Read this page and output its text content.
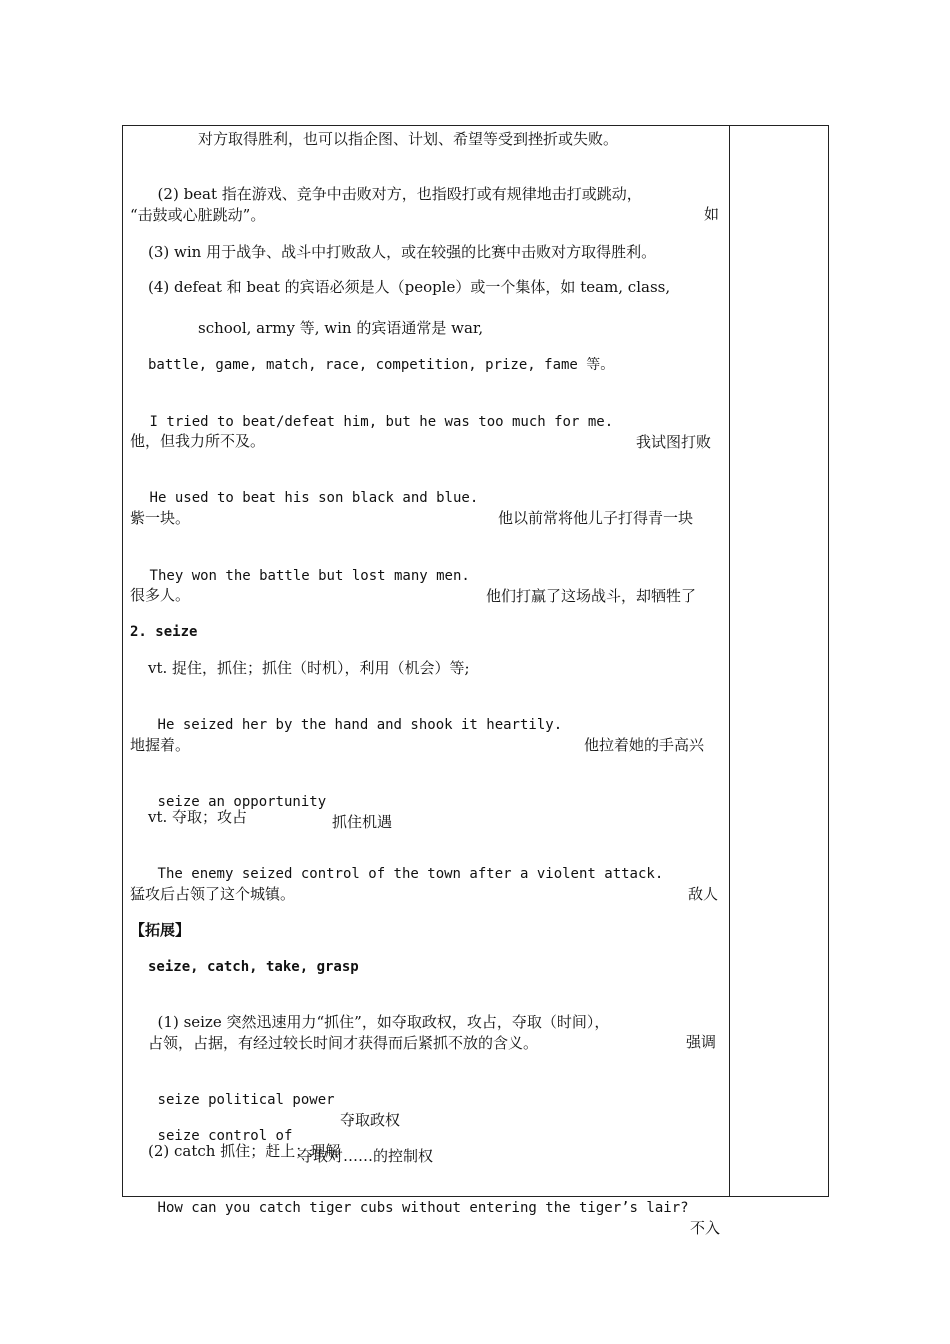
对方取得胜利，也可以指企图、计划、希望等受到挫折或失败。

(2) beat 指在游戏、竞争中击败对方，也指殴打或有规律地击打或跳动，

如

“击鼓或心脏跳动”。
(3) win 用于战争、战斗中打败敌人，或在较强的比赛中击败对方取得胜利。
(4) defeat 和 beat 的宾语必须是人（people）或一个集体，如 team, class,
school, army 等, win 的宾语通常是 war,
battle, game, match, race, competition, prize, fame 等。

I tried to beat/defeat him, but he was too much for me.

我试图打败

他，但我力所不及。

He used to beat his son black and blue.

他以前常将他儿子打得青一块

紫一块。

They won the battle but lost many men.

他们打赢了这场战斗，却牺牲了

很多人。
2. seize
vt. 捉住，抓住；抓住（时机），利用（机会）等;

He seized her by the hand and shook it heartily.

他拉着她的手高兴

地握着。

seize an opportunity

抓住机遇

vt. 夺取；攻占

The enemy seized control of the town after a violent attack.

敌人

猛攻后占领了这个城镇。
【拓展】
seize, catch, take, grasp

(1) seize 突然迅速用力“抓住”，如夺取政权，攻占，夺取（时间），

强调

占领，占据，有经过较长时间才获得而后紧抓不放的含义。

seize political power

夺取政权

seize control of

夺取对……的控制权

(2) catch 抓住；赶上；理解

How can you catch tiger cubs without entering the tiger’s lair?

不入
